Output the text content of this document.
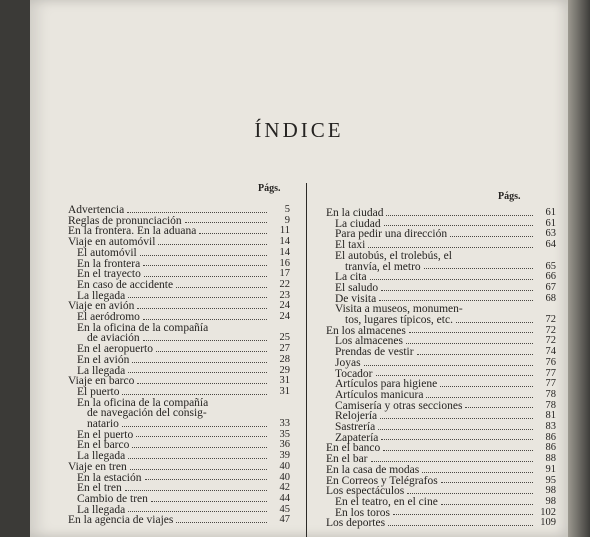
ÍNDICE
Págs.
Págs.
Advertencia	5
Reglas de pronunciación	9
En la frontera. En la aduana	11
Viaje en automóvil	14
El automóvil	14
En la frontera	16
En el trayecto	17
En caso de accidente	22
La llegada	23
Viaje en avión	24
El aeródromo	24
En la oficina de la compañía
de aviación	25
En el aeropuerto	27
En el avión	28
La llegada	29
Viaje en barco	31
El puerto	31
En la oficina de la compañía
de navegación del consig-
natario	33
En el puerto	35
En el barco	36
La llegada	39
Viaje en tren	40
En la estación	40
En el tren	42
Cambio de tren	44
La llegada	45
En la agencia de viajes	47
En la ciudad	61
La ciudad	61
Para pedir una dirección	63
El taxi	64
El autobús, el trolebús, el
tranvía, el metro	65
La cita	66
El saludo	67
De visita	68
Visita a museos, monumen-
tos, lugares típicos, etc.	72
En los almacenes	72
Los almacenes	72
Prendas de vestir	74
Joyas	76
Tocador	77
Artículos para higiene	77
Artículos manicura	78
Camisería y otras secciones	78
Relojería	81
Sastrería	83
Zapatería	86
En el banco	86
En el bar	88
En la casa de modas	91
En Correos y Telégrafos	95
Los espectáculos	98
En el teatro, en el cine	98
En los toros	102
Los deportes	109
